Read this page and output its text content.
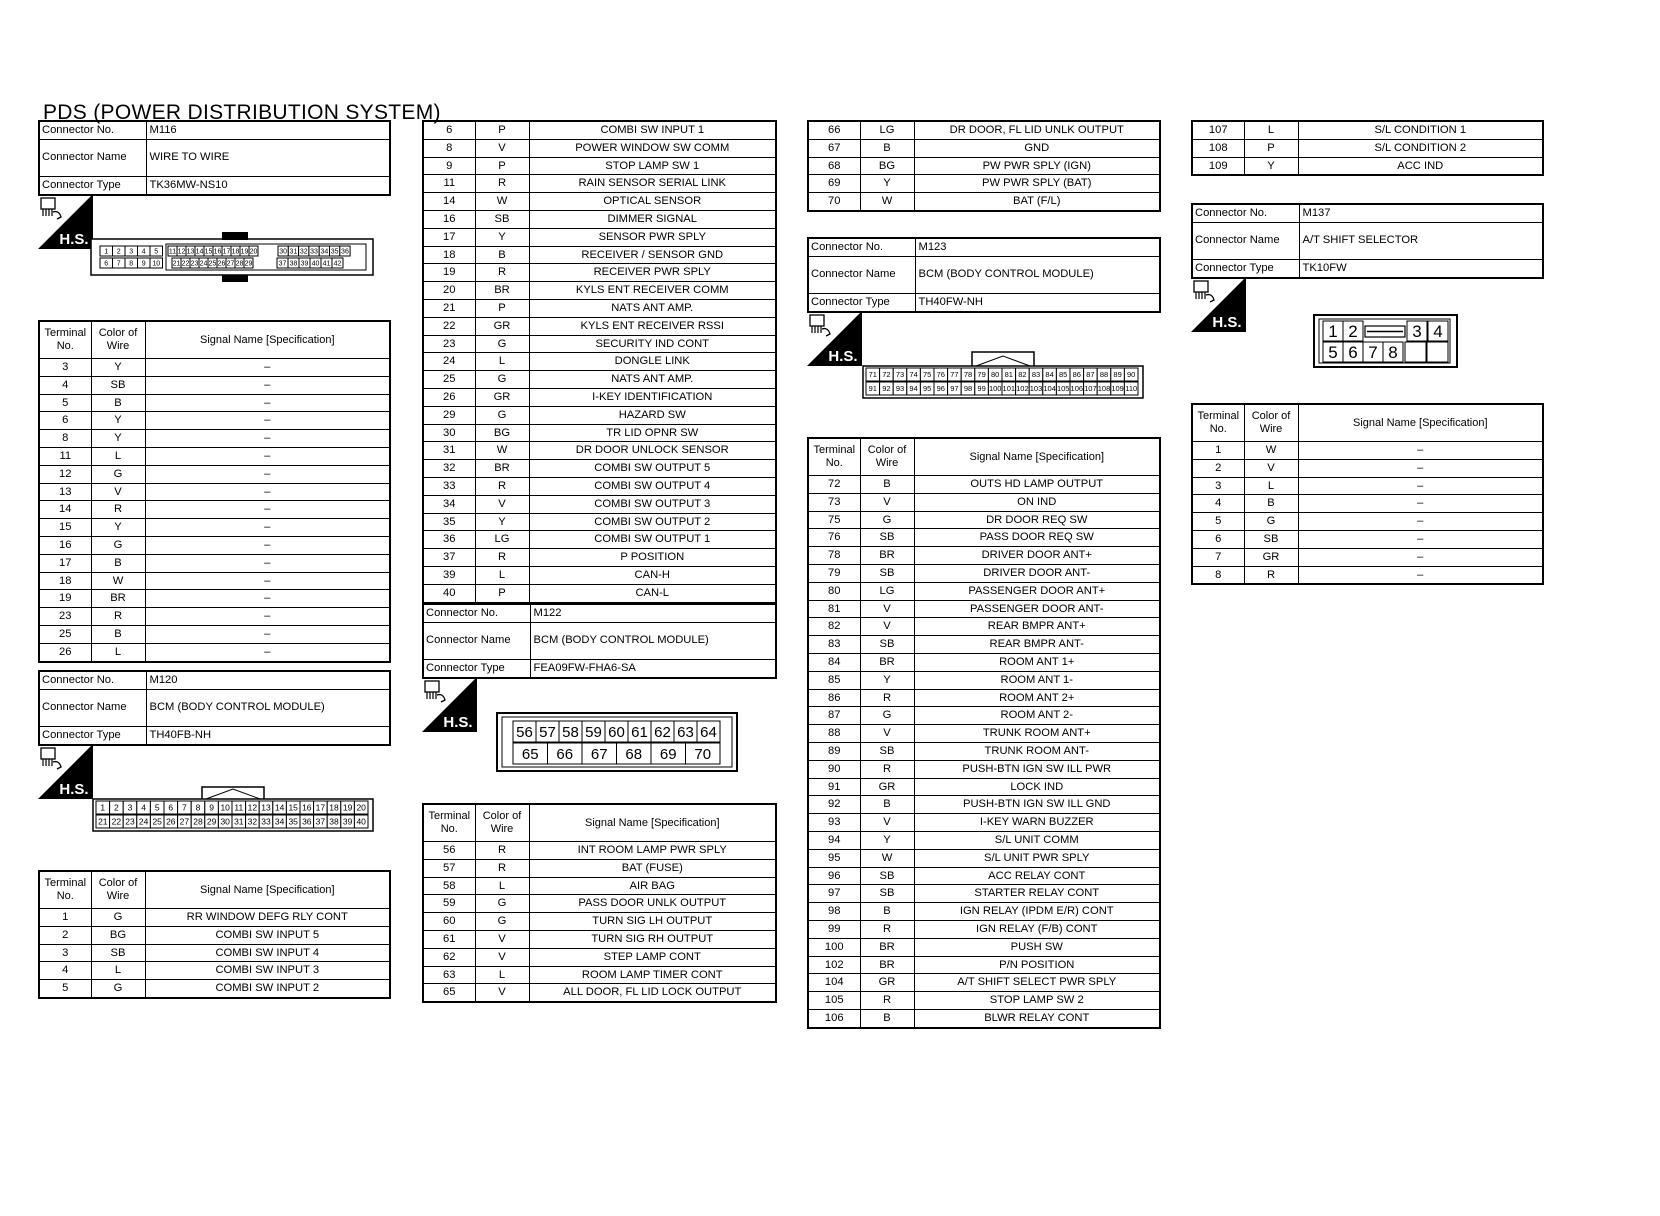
PDS (POWER DISTRIBUTION SYSTEM)
Connector No.	M116
Connector Name	WIRE TO WIRE
Connector Type	TK36MW-NS10
H.S.
1 2 3 4 5 11 12 13 14 15 16 17 18 19 20	30 31 32 33 34 35 36
6 7 8 9 10 21 22 23 24 25 26 27 28 29	37 38 39 40 41 42
Terminal No.	Color of Wire	Signal Name [Specification]
3	Y	–
4	SB	–
5	B	–
6	Y	–
8	Y	–
11	L	–
12	G	–
13	V	–
14	R	–
15	Y	–
16	G	–
17	B	–
18	W	–
19	BR	–
23	R	–
25	B	–
26	L	–
Connector No.	M120
Connector Name	BCM (BODY CONTROL MODULE)
Connector Type	TH40FB-NH
H.S.
1 2 3 4 5 6 7 8 9 10 11 12 13 14 15 16 17 18 19 20
21 22 23 24 25 26 27 28 29 30 31 32 33 34 35 36 37 38 39 40
Terminal No.	Color of Wire	Signal Name [Specification]
1	G	RR WINDOW DEFG RLY CONT
2	BG	COMBI SW INPUT 5
3	SB	COMBI SW INPUT 4
4	L	COMBI SW INPUT 3
5	G	COMBI SW INPUT 2
6	P	COMBI SW INPUT 1
8	V	POWER WINDOW SW COMM
9	P	STOP LAMP SW 1
11	R	RAIN SENSOR SERIAL LINK
14	W	OPTICAL SENSOR
16	SB	DIMMER SIGNAL
17	Y	SENSOR PWR SPLY
18	B	RECEIVER / SENSOR GND
19	R	RECEIVER PWR SPLY
20	BR	KYLS ENT RECEIVER COMM
21	P	NATS ANT AMP.
22	GR	KYLS ENT RECEIVER RSSI
23	G	SECURITY IND CONT
24	L	DONGLE LINK
25	G	NATS ANT AMP.
26	GR	I-KEY IDENTIFICATION
29	G	HAZARD SW
30	BG	TR LID OPNR SW
31	W	DR DOOR UNLOCK SENSOR
32	BR	COMBI SW OUTPUT 5
33	R	COMBI SW OUTPUT 4
34	V	COMBI SW OUTPUT 3
35	Y	COMBI SW OUTPUT 2
36	LG	COMBI SW OUTPUT 1
37	R	P POSITION
39	L	CAN-H
40	P	CAN-L
Connector No.	M122
Connector Name	BCM (BODY CONTROL MODULE)
Connector Type	FEA09FW-FHA6-SA
H.S.
56 57 58 59 60 61 62 63 64
65 66 67 68 69 70
Terminal No.	Color of Wire	Signal Name [Specification]
56	R	INT ROOM LAMP PWR SPLY
57	R	BAT (FUSE)
58	L	AIR BAG
59	G	PASS DOOR UNLK OUTPUT
60	G	TURN SIG LH OUTPUT
61	V	TURN SIG RH OUTPUT
62	V	STEP LAMP CONT
63	L	ROOM LAMP TIMER CONT
65	V	ALL DOOR, FL LID LOCK OUTPUT
66	LG	DR DOOR, FL LID UNLK OUTPUT
67	B	GND
68	BG	PW PWR SPLY (IGN)
69	Y	PW PWR SPLY (BAT)
70	W	BAT (F/L)
Connector No.	M123
Connector Name	BCM (BODY CONTROL MODULE)
Connector Type	TH40FW-NH
H.S.
71 72 73 74 75 76 77 78 79 80 81 82 83 84 85 86 87 88 89 90
91 92 93 94 95 96 97 98 99 100 101 102 103 104 105 106 107 108 109 110
Terminal No.	Color of Wire	Signal Name [Specification]
72	B	OUTS HD LAMP OUTPUT
73	V	ON IND
75	G	DR DOOR REQ SW
76	SB	PASS DOOR REQ SW
78	BR	DRIVER DOOR ANT+
79	SB	DRIVER DOOR ANT-
80	LG	PASSENGER DOOR ANT+
81	V	PASSENGER DOOR ANT-
82	V	REAR BMPR ANT+
83	SB	REAR BMPR ANT-
84	BR	ROOM ANT 1+
85	Y	ROOM ANT 1-
86	R	ROOM ANT 2+
87	G	ROOM ANT 2-
88	V	TRUNK ROOM ANT+
89	SB	TRUNK ROOM ANT-
90	R	PUSH-BTN IGN SW ILL PWR
91	GR	LOCK IND
92	B	PUSH-BTN IGN SW ILL GND
93	V	I-KEY WARN BUZZER
94	Y	S/L UNIT COMM
95	W	S/L UNIT PWR SPLY
96	SB	ACC RELAY CONT
97	SB	STARTER RELAY CONT
98	B	IGN RELAY (IPDM E/R) CONT
99	R	IGN RELAY (F/B) CONT
100	BR	PUSH SW
102	BR	P/N POSITION
104	GR	A/T SHIFT SELECT PWR SPLY
105	R	STOP LAMP SW 2
106	B	BLWR RELAY CONT
107	L	S/L CONDITION 1
108	P	S/L CONDITION 2
109	Y	ACC IND
Connector No.	M137
Connector Name	A/T SHIFT SELECTOR
Connector Type	TK10FW
H.S.	1 2	3 4
5 6 7 8
Terminal No.	Color of Wire	Signal Name [Specification]
1	W	–
2	V	–
3	L	–
4	B	–
5	G	–
6	SB	–
7	GR	–
8	R	–
